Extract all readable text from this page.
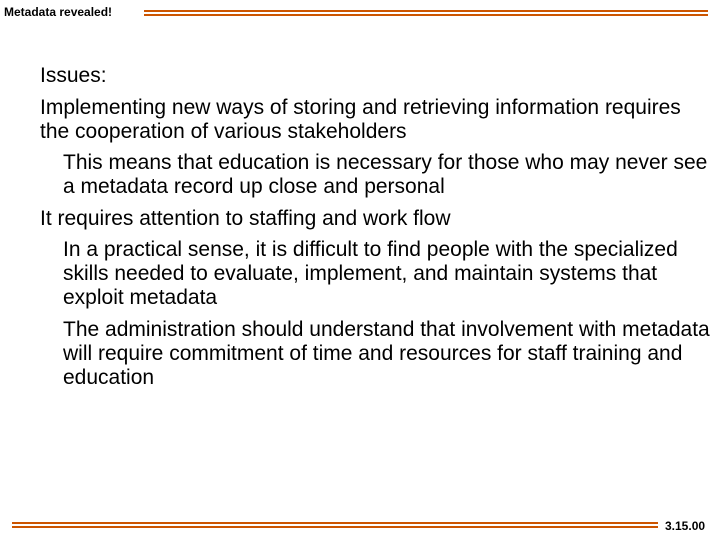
Metadata revealed!

Issues:

Implementing new ways of storing and retrieving information requires the cooperation of various stakeholders

This means that education is necessary for those who may never see a metadata record up close and personal

It requires attention to staffing and work flow

In a practical sense, it is difficult to find people with the specialized skills needed to evaluate, implement, and maintain systems that exploit metadata

The administration should understand that involvement with metadata will require commitment of time and resources for staff training and education

3.15.00
